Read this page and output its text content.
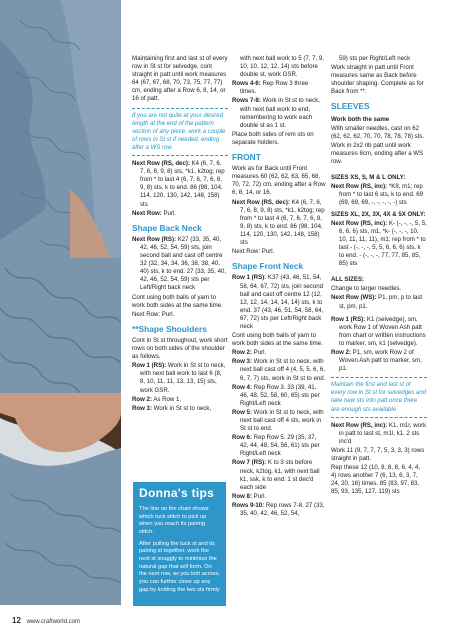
Maintaining first and last st of every row in St st for selvedge, cont straight in patt until work measures 64 (67, 67, 68, 70, 73, 75, 77, 77) cm, ending after a Row 6, 8, 14, or 16 of patt.
If you are not quite at your desired length at the end of the pattern section of any piece, work a couple of rows in St st if needed, ending after a WS row
Next Row (RS, dec): K4 (6, 7, 6, 7, 6, 8, 9, 8) sts, *k1, k2tog; rep from * to last 4 (6, 7, 6, 7, 6, 8, 9, 8) sts, k to end. 86 (98, 104, 114, 120, 130, 142, 148, 158) sts
Next Row: Purl.
Shape Back Neck
Next Row (RS): K27 (33, 35, 40, 42, 46, 52, 54, 59) sts, join second ball and cast off centre 32 (32, 34, 34, 36, 38, 38, 40, 40) sts, k to end. 27 (33, 35, 40, 42, 46, 52, 54, 59) sts per Left/Right back neck
Cont using both balls of yarn to work both sides at the same time.
Next Row: Purl.
**Shape Shoulders
Cont in St st throughout, work short rows on both sides of the shoulder as follows.
Row 1 (RS): Work in St st to neck, with next ball work to last 6 (8, 8, 10, 11, 11, 13, 13, 15) sts, work GSR.
Row 2: As Row 1.
Row 3: Work in St st to neck,
Donna's tips
The line on the chart shows which tuck stitch to pick up when you reach its pairing stitch.
After pulling the tuck st and its pairing st together, work the next st snuggly to minimize the natural gap that will form. On the next row, as you knit across, you can further close up any gap by knitting the two sts firmly
with next ball work to 5 (7, 7, 9, 10, 10, 12, 12, 14) sts before double st, work GSR.
Rows 4-6: Rep Row 3 three times.
Rows 7-8: Work in St st to neck, with next ball work to end, remembering to work each double st as 1 st.
Place both sides of rem sts on separate holders.
FRONT
Work as for Back until Front measures 60 (62, 62, 63, 65, 68, 70, 72, 72) cm, ending after a Row 6, 8, 14, or 16.
Next Row (RS, dec): K4 (6, 7, 6, 7, 6, 8, 9, 8) sts, *k1, k2tog; rep from * to last 4 (6, 7, 6, 7, 6, 8, 9, 8) sts, k to end. 86 (98, 104, 114, 120, 130, 142, 148, 158) sts
Next Row: Purl.
Shape Front Neck
Row 1 (RS): K37 (43, 46, 51, 54, 58, 64, 67, 72) sts, join second ball and cast off centre 12 (12, 12, 12, 14, 14, 14, 14) sts, k to end. 37 (43, 46, 51, 54, 58, 64, 67, 72) sts per Left/Right back neck
Cont using both balls of yarn to work both sides at the same time.
Row 2: Purl.
Row 3: Work in St st to neck, with next ball cast off 4 (4, 5, 5, 6, 6, 6, 7, 7) sts, work in St st to end.
Row 4: Rep Row 3. 33 (39, 41, 46, 48, 52, 58, 60, 65) sts per Right/Left neck
Row 5: Work in St st to neck, with next ball cast off 4 sts, work in St st to end.
Row 6: Rep Row 5. 29 (35, 37, 42, 44, 48, 54, 56, 61) sts per Right/Left neck
Row 7 (RS): K to 3 sts before neck, k2tog, k1, with next ball k1, ssk, k to end. 1 st dec'd each side
Row 8: Purl.
Rows 9-10: Rep rows 7-8. 27 (33, 35, 40, 42, 46, 52, 54,
59) sts per Right/Left neck
Work straight in patt until Front measures same as Back before shoulder shaping. Complete as for Back from **.
SLEEVES
Work both the same
With smaller needles, cast on 62 (62, 62, 62, 70, 70, 78, 78, 78) sts.
Work in 2x2 rib patt until work measures 8cm, ending after a WS row.
SIZES XS, S, M & L ONLY:
Next Row (RS, inc): *K8, m1; rep from * to last 6 sts, k to end. 69 (69, 69, 69, -, -, -, -, -) sts
SIZES XL, 2X, 3X, 4X & 5X ONLY:
Next Row (RS, inc): K- (-, -, -, 5, 5, 6, 6, 6) sts, m1, *k- (-, -, -, 10, 10, 11, 11, 11), m1; rep from * to last - (-, -, -, 5, 5, 6, 6, 6) sts, k to end. - (-, -, -, 77, 77, 85, 85, 85) sts
ALL SIZES:
Change to larger needles.
Next Row (WS): P1, pm, p to last st, pm, p1.
Row 1 (RS): K1 (selvedge), sm, work Row 1 of Woven Ash patt from chart or written instructions to marker, sm, k1 (selvedge).
Row 2: P1, sm, work Row 2 of Woven Ash patt to marker, sm, p1.
Maintain the first and last st of every row in St st for selvedges and take new sts into patt once there are enough sts available
Next Row (RS, inc): K1, m1r, work in patt to last st, m1l, k1. 2 sts inc'd
Work 11 (9, 7, 7, 7, 5, 3, 3, 3) rows straight in patt.
Rep these 12 (10, 8, 8, 8, 6, 4, 4, 4) rows another 7 (6, 13, 6, 3, 7, 24, 20, 16) times. 85 (83, 97, 83, 85, 93, 135, 127, 119) sts
12 www.craftworld.com
